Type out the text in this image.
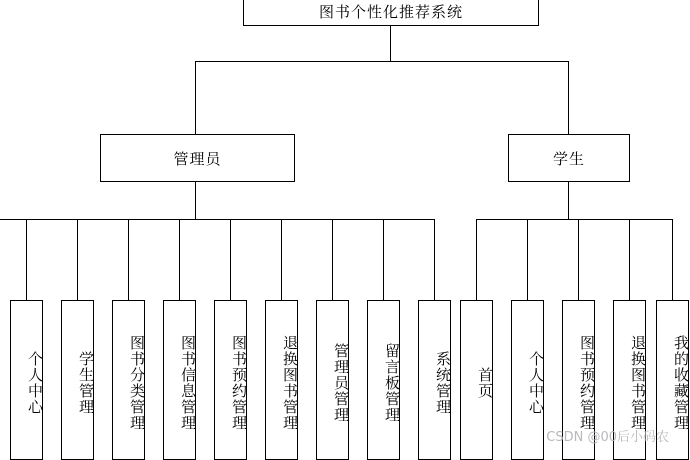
图书个性化推荐系统
管理员	学生
个人中心 学生管理 图书分类管理 图书信息管理 图书预约管理 退换图书管理 管理员管理 留言板管理 系统管理 首页 个人中心 图书预约管理 退换图书管理 我的收藏管理
CSDN @00后小码农
